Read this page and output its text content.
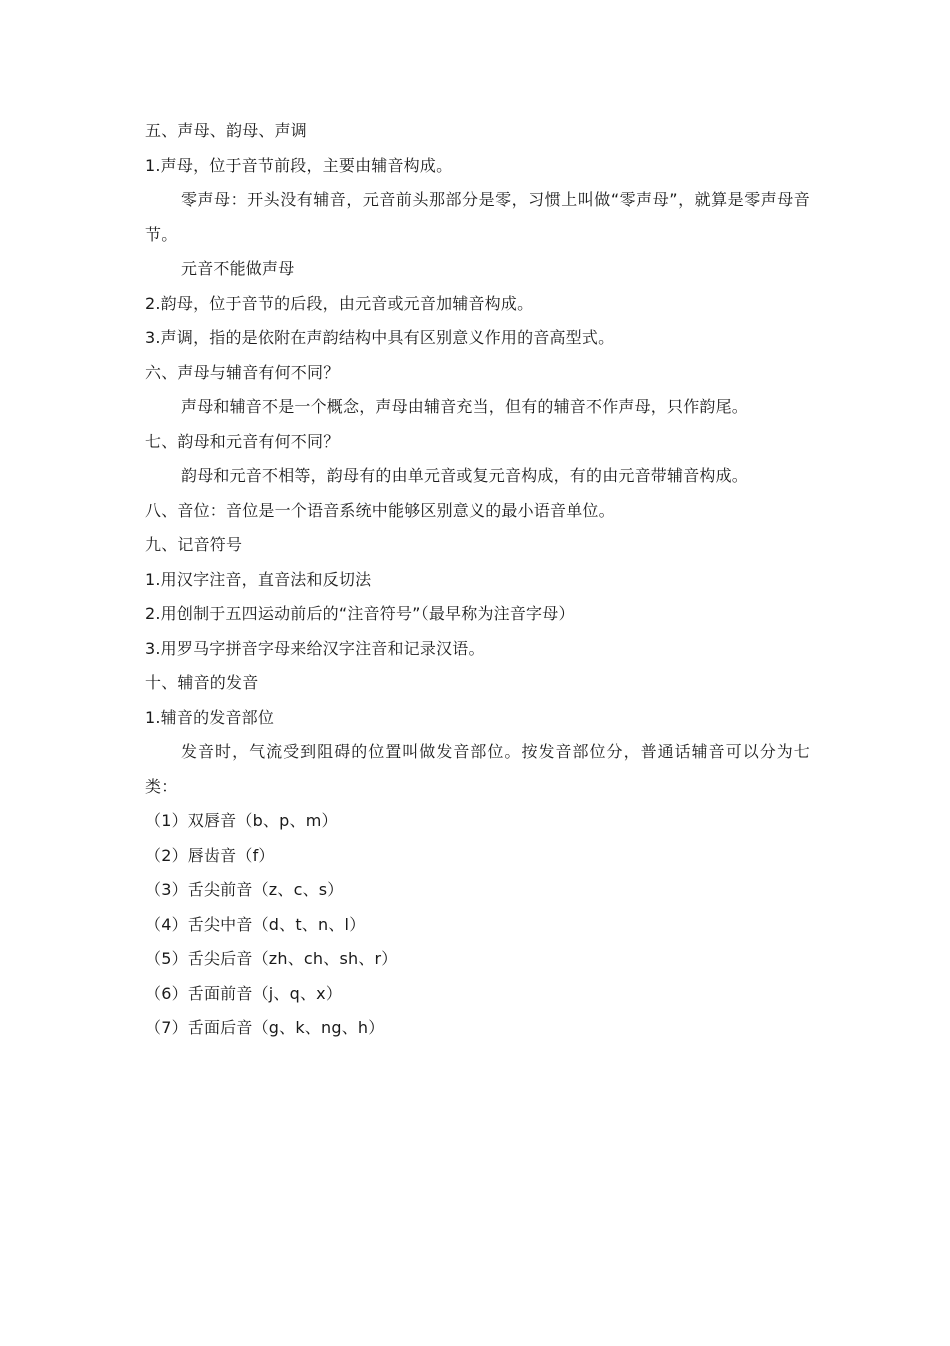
五、声母、韵母、声调
1.声母，位于音节前段，主要由辅音构成。
零声母：开头没有辅音，元音前头那部分是零，习惯上叫做“零声母”，就算是零声母音节。
元音不能做声母
2.韵母，位于音节的后段，由元音或元音加辅音构成。
3.声调，指的是依附在声韵结构中具有区别意义作用的音高型式。
六、声母与辅音有何不同？
声母和辅音不是一个概念，声母由辅音充当，但有的辅音不作声母，只作韵尾。
七、韵母和元音有何不同？
韵母和元音不相等，韵母有的由单元音或复元音构成，有的由元音带辅音构成。
八、音位：音位是一个语音系统中能够区别意义的最小语音单位。
九、记音符号
1.用汉字注音，直音法和反切法
2.用创制于五四运动前后的“注音符号”（最早称为注音字母）
3.用罗马字拼音字母来给汉字注音和记录汉语。
十、辅音的发音
1.辅音的发音部位
发音时，气流受到阻碍的位置叫做发音部位。按发音部位分，普通话辅音可以分为七类：
（1）双唇音（b、p、m）
（2）唇齿音（f）
（3）舌尖前音（z、c、s）
（4）舌尖中音（d、t、n、l）
（5）舌尖后音（zh、ch、sh、r）
（6）舌面前音（j、q、x）
（7）舌面后音（g、k、ng、h）
